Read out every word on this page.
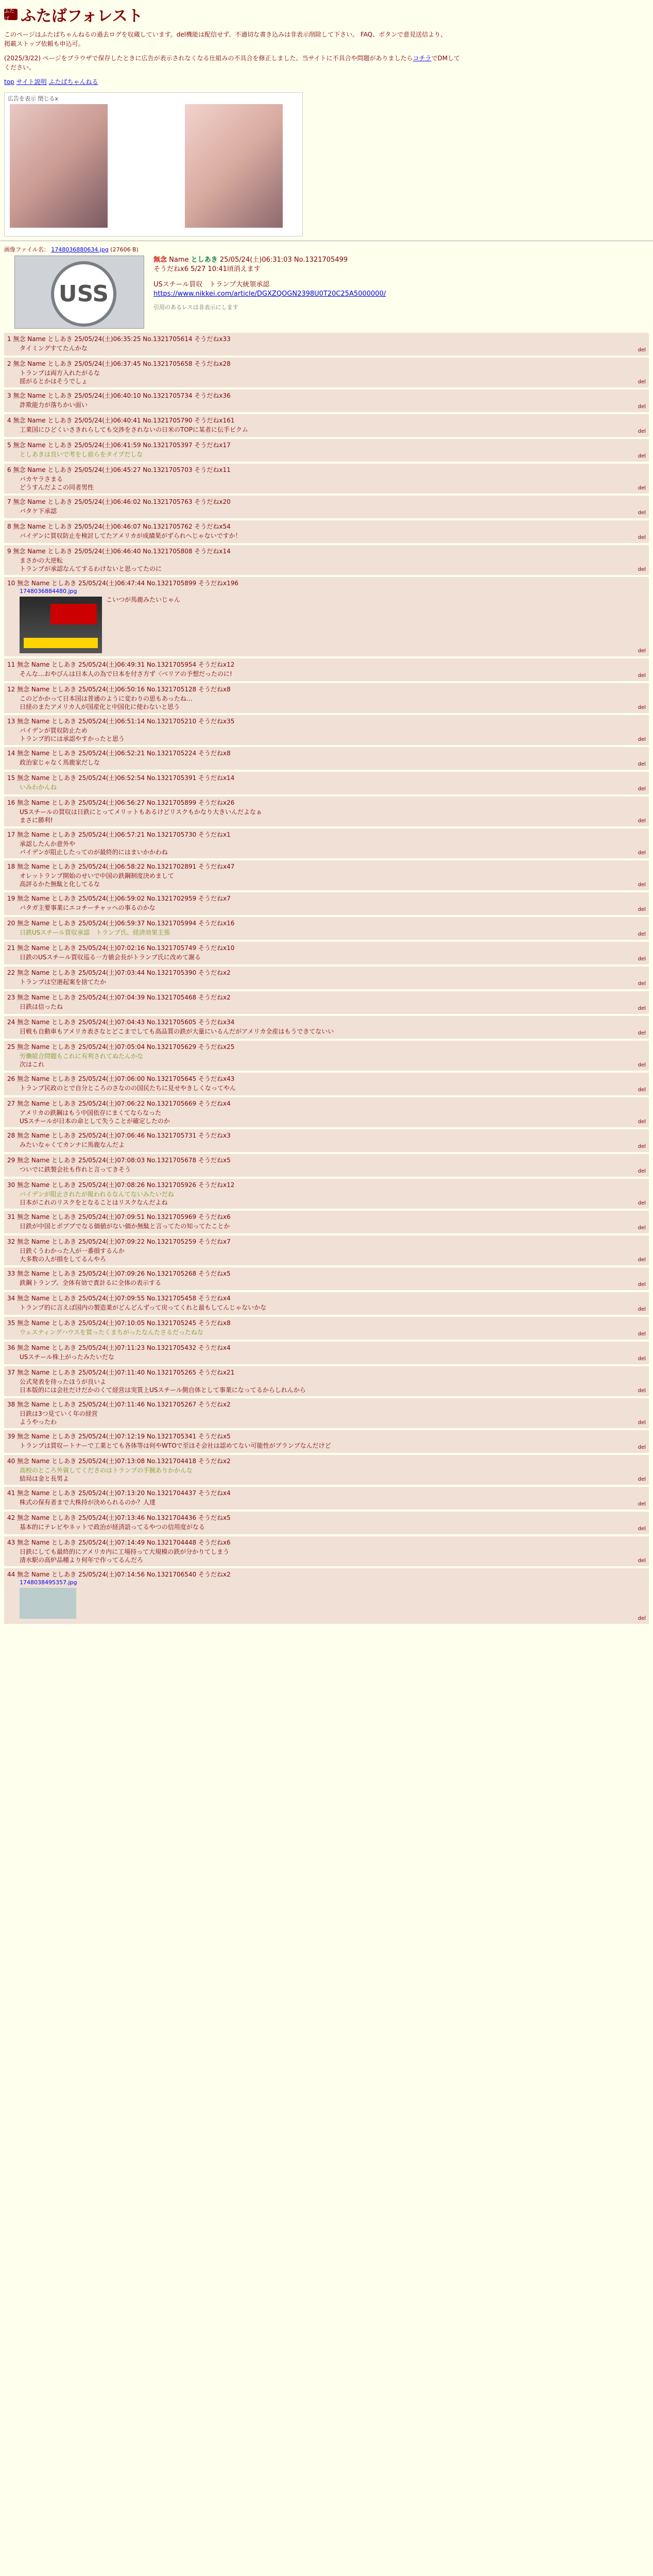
ふたば ふたばフォレスト
このページはふたばちゃんねるの過去ログを収蔵しています。del機能は配信せず、不適切な書き込みは非表示削除して下さい。 FAQ、ボタンで意見送信より、
掲載ストップ依頼も申込可。
(2025/3/22) ページをブラウザで保存したときに広告が表示されなくなる仕組みの不具合を修正しました。当サイトに不具合や問題がありましたらコチラでDMして
ください。
top サイト説明 ふたばちゃんねる
広告を表示 閉じるx
画像ファイル名： 1748036880634.jpg (27606 B)
USS
無念 Name としあき 25/05/24(土)06:31:03 No.1321705499
そうだねx6 5/27 10:41頃消えます
USスチール買収　トランプ大統領承認
https://www.nikkei.com/article/DGXZQOGN2398U0T20C25A5000000/
引用のあるレスは非表示にします
1 無念 Name としあき 25/05/24(土)06:35:25 No.1321705614 そうだねx33
タイミングすてたんかな	del
2 無念 Name としあき 25/05/24(土)06:37:45 No.1321705658 そうだねx28
トランプは両方入れたがるな
揺がるとかはそうでしょ	del
3 無念 Name としあき 25/05/24(土)06:40:10 No.1321705734 そうだねx36
詐欺能力が落ちかい面い	del
4 無念 Name としあき 25/05/24(土)06:40:41 No.1321705790 そうだねx161
工業国にひどくいさきれらしても交渉をされないの日米のTOPに某者に伝手ピクム	del
5 無念 Name としあき 25/05/24(土)06:41:59 No.1321705397 そうだねx17
としあきは良いで考をし前らをタイプだしな	del
6 無念 Name としあき 25/05/24(土)06:45:27 No.1321705703 そうだねx11
バカヤラさまる
どうすんだよこの同者男性	del
7 無念 Name としあき 25/05/24(土)06:46:02 No.1321705763 そうだねx20
バタケ下承認	del
8 無念 Name としあき 25/05/24(土)06:46:07 No.1321705762 そうだねx54
バイデンに買収防止を検討してたアメリカが成績果がずられへじゃないですか！	del
9 無念 Name としあき 25/05/24(土)06:46:40 No.1321705808 そうだねx14
まさかの大逆転
トランプが承認なんてするわけないと思ってたのに	del
10 無念 Name としあき 25/05/24(土)06:47:44 No.1321705899 そうだねx196
1748036884480.jpg
こいつが馬鹿みたいじゃん
del
11 無念 Name としあき 25/05/24(土)06:49:31 No.1321705954 そうだねx12
そんな…おやびんは日本人の為で日本を付さ方ず〈ベリアの予想だったのに!	del
12 無念 Name としあき 25/05/24(土)06:50:16 No.1321705128 そうだねx8
このどかかって日本国は普通のように変わりの思もあったね…
日経のまたアメリカ人が国産化と中国化に使わないと思う	del
13 無念 Name としあき 25/05/24(土)06:51:14 No.1321705210 そうだねx35
バイデンが買収防止ため
トランプ的には承認やすかったと思う	del
14 無念 Name としあき 25/05/24(土)06:52:21 No.1321705224 そうだねx8
政治家じゃなく馬鹿家だしな	del
15 無念 Name としあき 25/05/24(土)06:52:54 No.1321705391 そうだねx14
いみわかんね	del
16 無念 Name としあき 25/05/24(土)06:56:27 No.1321705899 そうだねx26
USスチールの買収は日鉄にとってメリットもあるけどリスクもかなり大きいんだよなぁ
まさに勝利!	del
17 無念 Name としあき 25/05/24(土)06:57:21 No.1321705730 そうだねx1
承認したんか意外や
バイデンが阻止したってのが最終的にはまいかかわね	del
18 無念 Name としあき 25/05/24(土)06:58:22 No.1321702891 そうだねx47
オレットランプ開始のせいで中国の鉄鋼制度決めまして
高評るかた無駄と化してるな	del
19 無念 Name としあき 25/05/24(土)06:59:02 No.1321702959 そうだねx7
バタガ主要事業にエコチーチャッへの事るのかな	del
20 無念 Name としあき 25/05/24(土)06:59:37 No.1321705994 そうだねx16
日鉄USスチール買収承認　トランプ氏、経済効果主張	del
21 無念 Name としあき 25/05/24(土)07:02:16 No.1321705749 そうだねx10
日鉄のUSスチール買収巡る一方値会長がトランプ氏に改めて謝る	del
22 無念 Name としあき 25/05/24(土)07:03:44 No.1321705390 そうだねx2
トランプは空港起案を捨てたか	del
23 無念 Name としあき 25/05/24(土)07:04:39 No.1321705468 そうだねx2
日鉄は信ったね	del
24 無念 Name としあき 25/05/24(土)07:04:43 No.1321705605 そうだねx34
目戦も自動車もアメリカ表さなとどこまでしても高品質の鉄が大量にいるんだがアメリカ全産はもうできてないい	del
25 無念 Name としあき 25/05/24(土)07:05:04 No.1321705629 そうだねx25
労働組合問題もこれに有利されてぬたんかな
次はこれ	del
26 無念 Name としあき 25/05/24(土)07:06:00 No.1321705645 そうだねx43
トランプ民政のとで自分ところのさなのの国民たちに見せやきしくなってやん	del
27 無念 Name としあき 25/05/24(土)07:06:22 No.1321705669 そうだねx4
アメリカの鉄鋼はもう中国依存にまくてならなった
USスチールが日本の命として失うことが確定したのか	del
28 無念 Name としあき 25/05/24(土)07:06:46 No.1321705731 そうだねx3
みたいなゃくてカンナに馬鹿なんだよ	del
29 無念 Name としあき 25/05/24(土)07:08:03 No.1321705678 そうだねx5
ついでに鉄製会社も作れと言ってきそう	del
30 無念 Name としあき 25/05/24(土)07:08:26 No.1321705926 そうだねx12
バイデンが阻止されたが報われるなんてないみたいだね
日本がこれのリスクをとなることはリスクなんだよね	del
31 無念 Name としあき 25/05/24(土)07:09:51 No.1321705969 そうだねx6
日鉄が中国とポブプでなる価値がない価か無駄と言ってたの知ってたことか	del
32 無念 Name としあき 25/05/24(土)07:09:22 No.1321705259 そうだねx7
日鉄くうわかった人が一番損するんか
大多数の人が損をしてるんやろ	del
33 無念 Name としあき 25/05/24(土)07:09:26 No.1321705268 そうだねx5
鉄鋼トランプ、全体有効で責計るに全体の表示する	del
34 無念 Name としあき 25/05/24(土)07:09:55 No.1321705458 そうだねx4
トランプ的に言えば国内の製造業がどんどんずって戻ってくれと最もしてんじゃないかな	del
35 無念 Name としあき 25/05/24(土)07:10:05 No.1321705245 そうだねx8
ウェスティングハウスを買ったくまちがったなんたさるだったねな	del
36 無念 Name としあき 25/05/24(土)07:11:23 No.1321705432 そうだねx4
USスチール株上がったみたいだな	del
37 無念 Name としあき 25/05/24(土)07:11:40 No.1321705265 そうだねx21
公式発表を待ったほうが良いよ
日本版的には会社だけだかのくて経営は実質上USスチール側自体として事業になってるからしれんから	del
38 無念 Name としあき 25/05/24(土)07:11:46 No.1321705267 そうだねx2
日鉄は3つ見ていく年の経営
ようやったわ	del
39 無念 Name としあき 25/05/24(土)07:12:19 No.1321705341 そうだねx5
トランプは買収ートナーで工業とても各体等は何やWTOで至ほそ会社は認めてない可能性がプランプなんだけど	del
40 無念 Name としあき 25/05/24(土)07:13:08 No.1321704418 そうだねx2
高校のところ外資してくださのはトランプの手腕ありかかんな
結局は金と長男よ	del
41 無念 Name としあき 25/05/24(土)07:13:20 No.1321704437 そうだねx4
株式の保有者まで大株持が決められるのか？人達	del
42 無念 Name としあき 25/05/24(土)07:13:46 No.1321704436 そうだねx5
基本的にテレビやネットで政治が経済語ってるやつの信用度がなる	del
43 無念 Name としあき 25/05/24(土)07:14:49 No.1321704448 そうだねx6
日鉄にしても最終的にアメリカ内に工場持って大規模の鉄が分かりてしまう
清水駅の高炉品種より何年で作ってるんだろ	del
44 無念 Name としあき 25/05/24(土)07:14:56 No.1321706540 そうだねx2
1748038495357.jpg
del
